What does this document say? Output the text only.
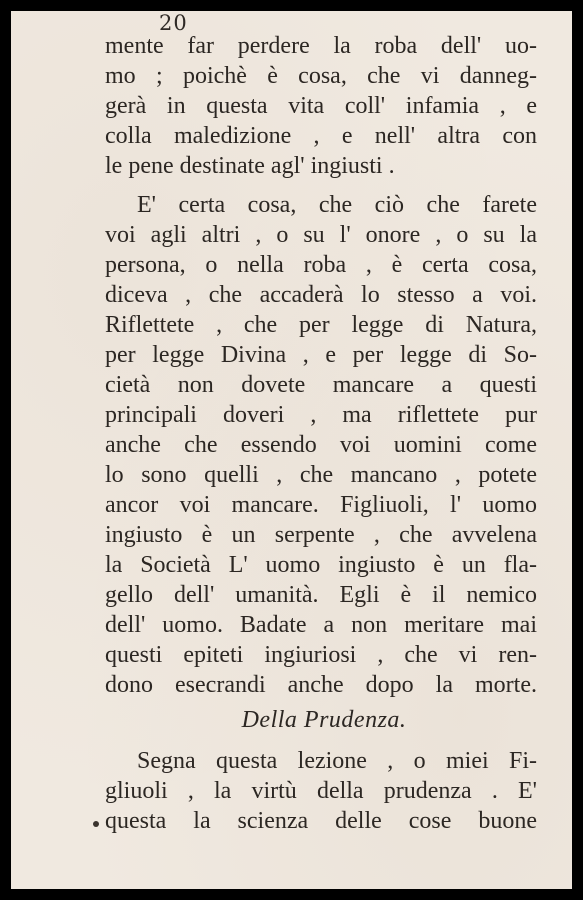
20
mente far perdere la roba dell' uo-
mo ; poichè è cosa, che vi danneg-
gerà in questa vita coll' infamia , e
colla maledizione , e nell' altra con
le pene destinate agl' ingiusti .
E' certa cosa, che ciò che farete
voi agli altri , o su l' onore , o su la
persona, o nella roba , è certa cosa,
diceva , che accaderà lo stesso a voi.
Riflettete , che per legge di Natura,
per legge Divina , e per legge di So-
cietà non dovete mancare a questi
principali doveri , ma riflettete pur
anche che essendo voi uomini come
lo sono quelli , che mancano , potete
ancor voi mancare. Figliuoli, l' uomo
ingiusto è un serpente , che avvelena
la Società L' uomo ingiusto è un fla-
gello dell' umanità. Egli è il nemico
dell' uomo. Badate a non meritare mai
questi epiteti ingiuriosi , che vi ren-
dono esecrandi anche dopo la morte.
Della Prudenza.
Segna questa lezione , o miei Fi-
gliuoli , la virtù della prudenza . E'
questa la scienza delle cose buone
